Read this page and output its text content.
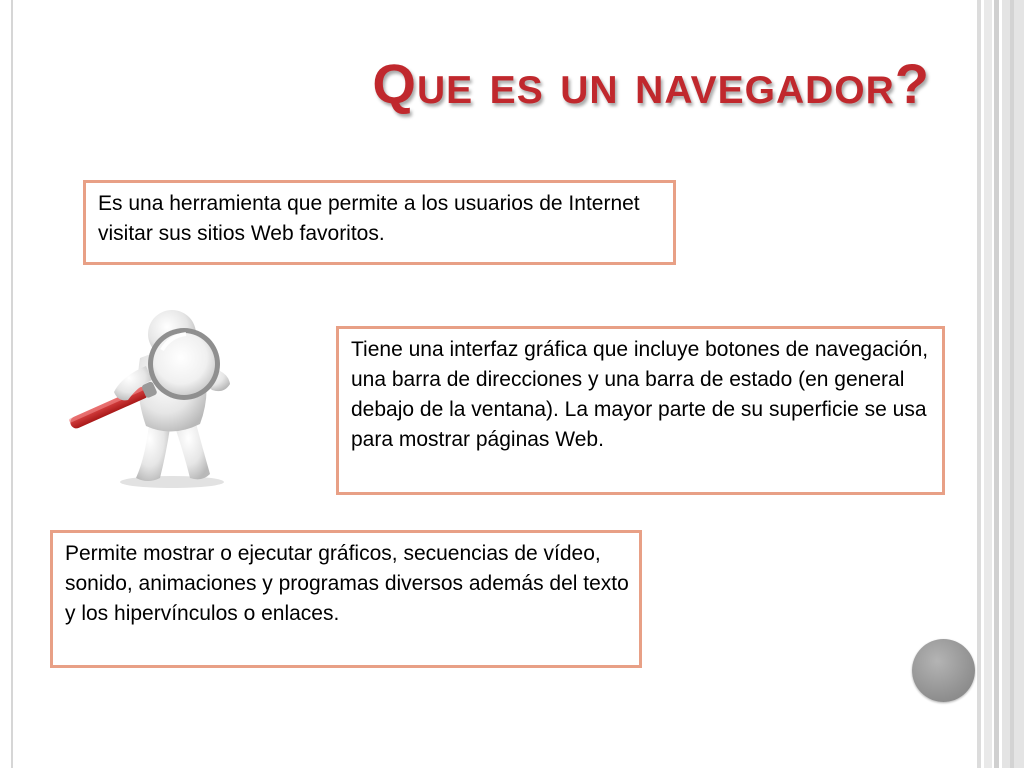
Que es un navegador?
Es una herramienta que permite a los usuarios de Internet visitar sus sitios Web favoritos.
Tiene una interfaz gráfica que incluye botones de navegación, una barra de direcciones y una barra de estado (en general debajo de la ventana). La mayor parte de su superficie se usa para mostrar páginas Web.
Permite mostrar o ejecutar gráficos, secuencias de vídeo, sonido, animaciones y programas diversos además del texto y los hipervínculos o enlaces.
